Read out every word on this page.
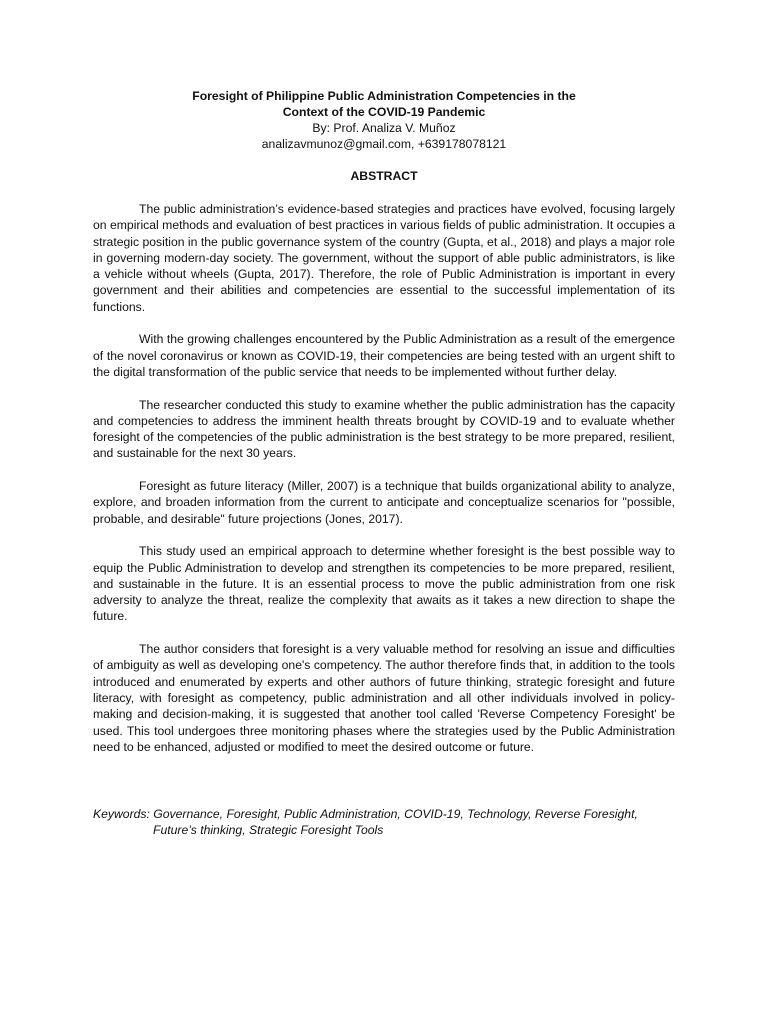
Foresight of Philippine Public Administration Competencies in the
Context of the COVID-19 Pandemic
By: Prof. Analiza V. Muñoz
analizavmunoz@gmail.com, +639178078121
ABSTRACT

The public administration’s evidence-based strategies and practices have evolved, focusing largely on empirical methods and evaluation of best practices in various fields of public administration. It occupies a strategic position in the public governance system of the country (Gupta, et al., 2018) and plays a major role in governing modern-day society. The government, without the support of able public administrators, is like a vehicle without wheels (Gupta, 2017). Therefore, the role of Public Administration is important in every government and their abilities and competencies are essential to the successful implementation of its functions.

With the growing challenges encountered by the Public Administration as a result of the emergence of the novel coronavirus or known as COVID-19, their competencies are being tested with an urgent shift to the digital transformation of the public service that needs to be implemented without further delay.

The researcher conducted this study to examine whether the public administration has the capacity and competencies to address the imminent health threats brought by COVID-19 and to evaluate whether foresight of the competencies of the public administration is the best strategy to be more prepared, resilient, and sustainable for the next 30 years.

Foresight as future literacy (Miller, 2007) is a technique that builds organizational ability to analyze, explore, and broaden information from the current to anticipate and conceptualize scenarios for "possible, probable, and desirable" future projections (Jones, 2017).

This study used an empirical approach to determine whether foresight is the best possible way to equip the Public Administration to develop and strengthen its competencies to be more prepared, resilient, and sustainable in the future. It is an essential process to move the public administration from one risk adversity to analyze the threat, realize the complexity that awaits as it takes a new direction to shape the future.

The author considers that foresight is a very valuable method for resolving an issue and difficulties of ambiguity as well as developing one's competency. The author therefore finds that, in addition to the tools introduced and enumerated by experts and other authors of future thinking, strategic foresight and future literacy, with foresight as competency, public administration and all other individuals involved in policy-making and decision-making, it is suggested that another tool called 'Reverse Competency Foresight' be used. This tool undergoes three monitoring phases where the strategies used by the Public Administration need to be enhanced, adjusted or modified to meet the desired outcome or future.

Keywords: Governance, Foresight, Public Administration, COVID-19, Technology, Reverse Foresight,
Future’s thinking, Strategic Foresight Tools
